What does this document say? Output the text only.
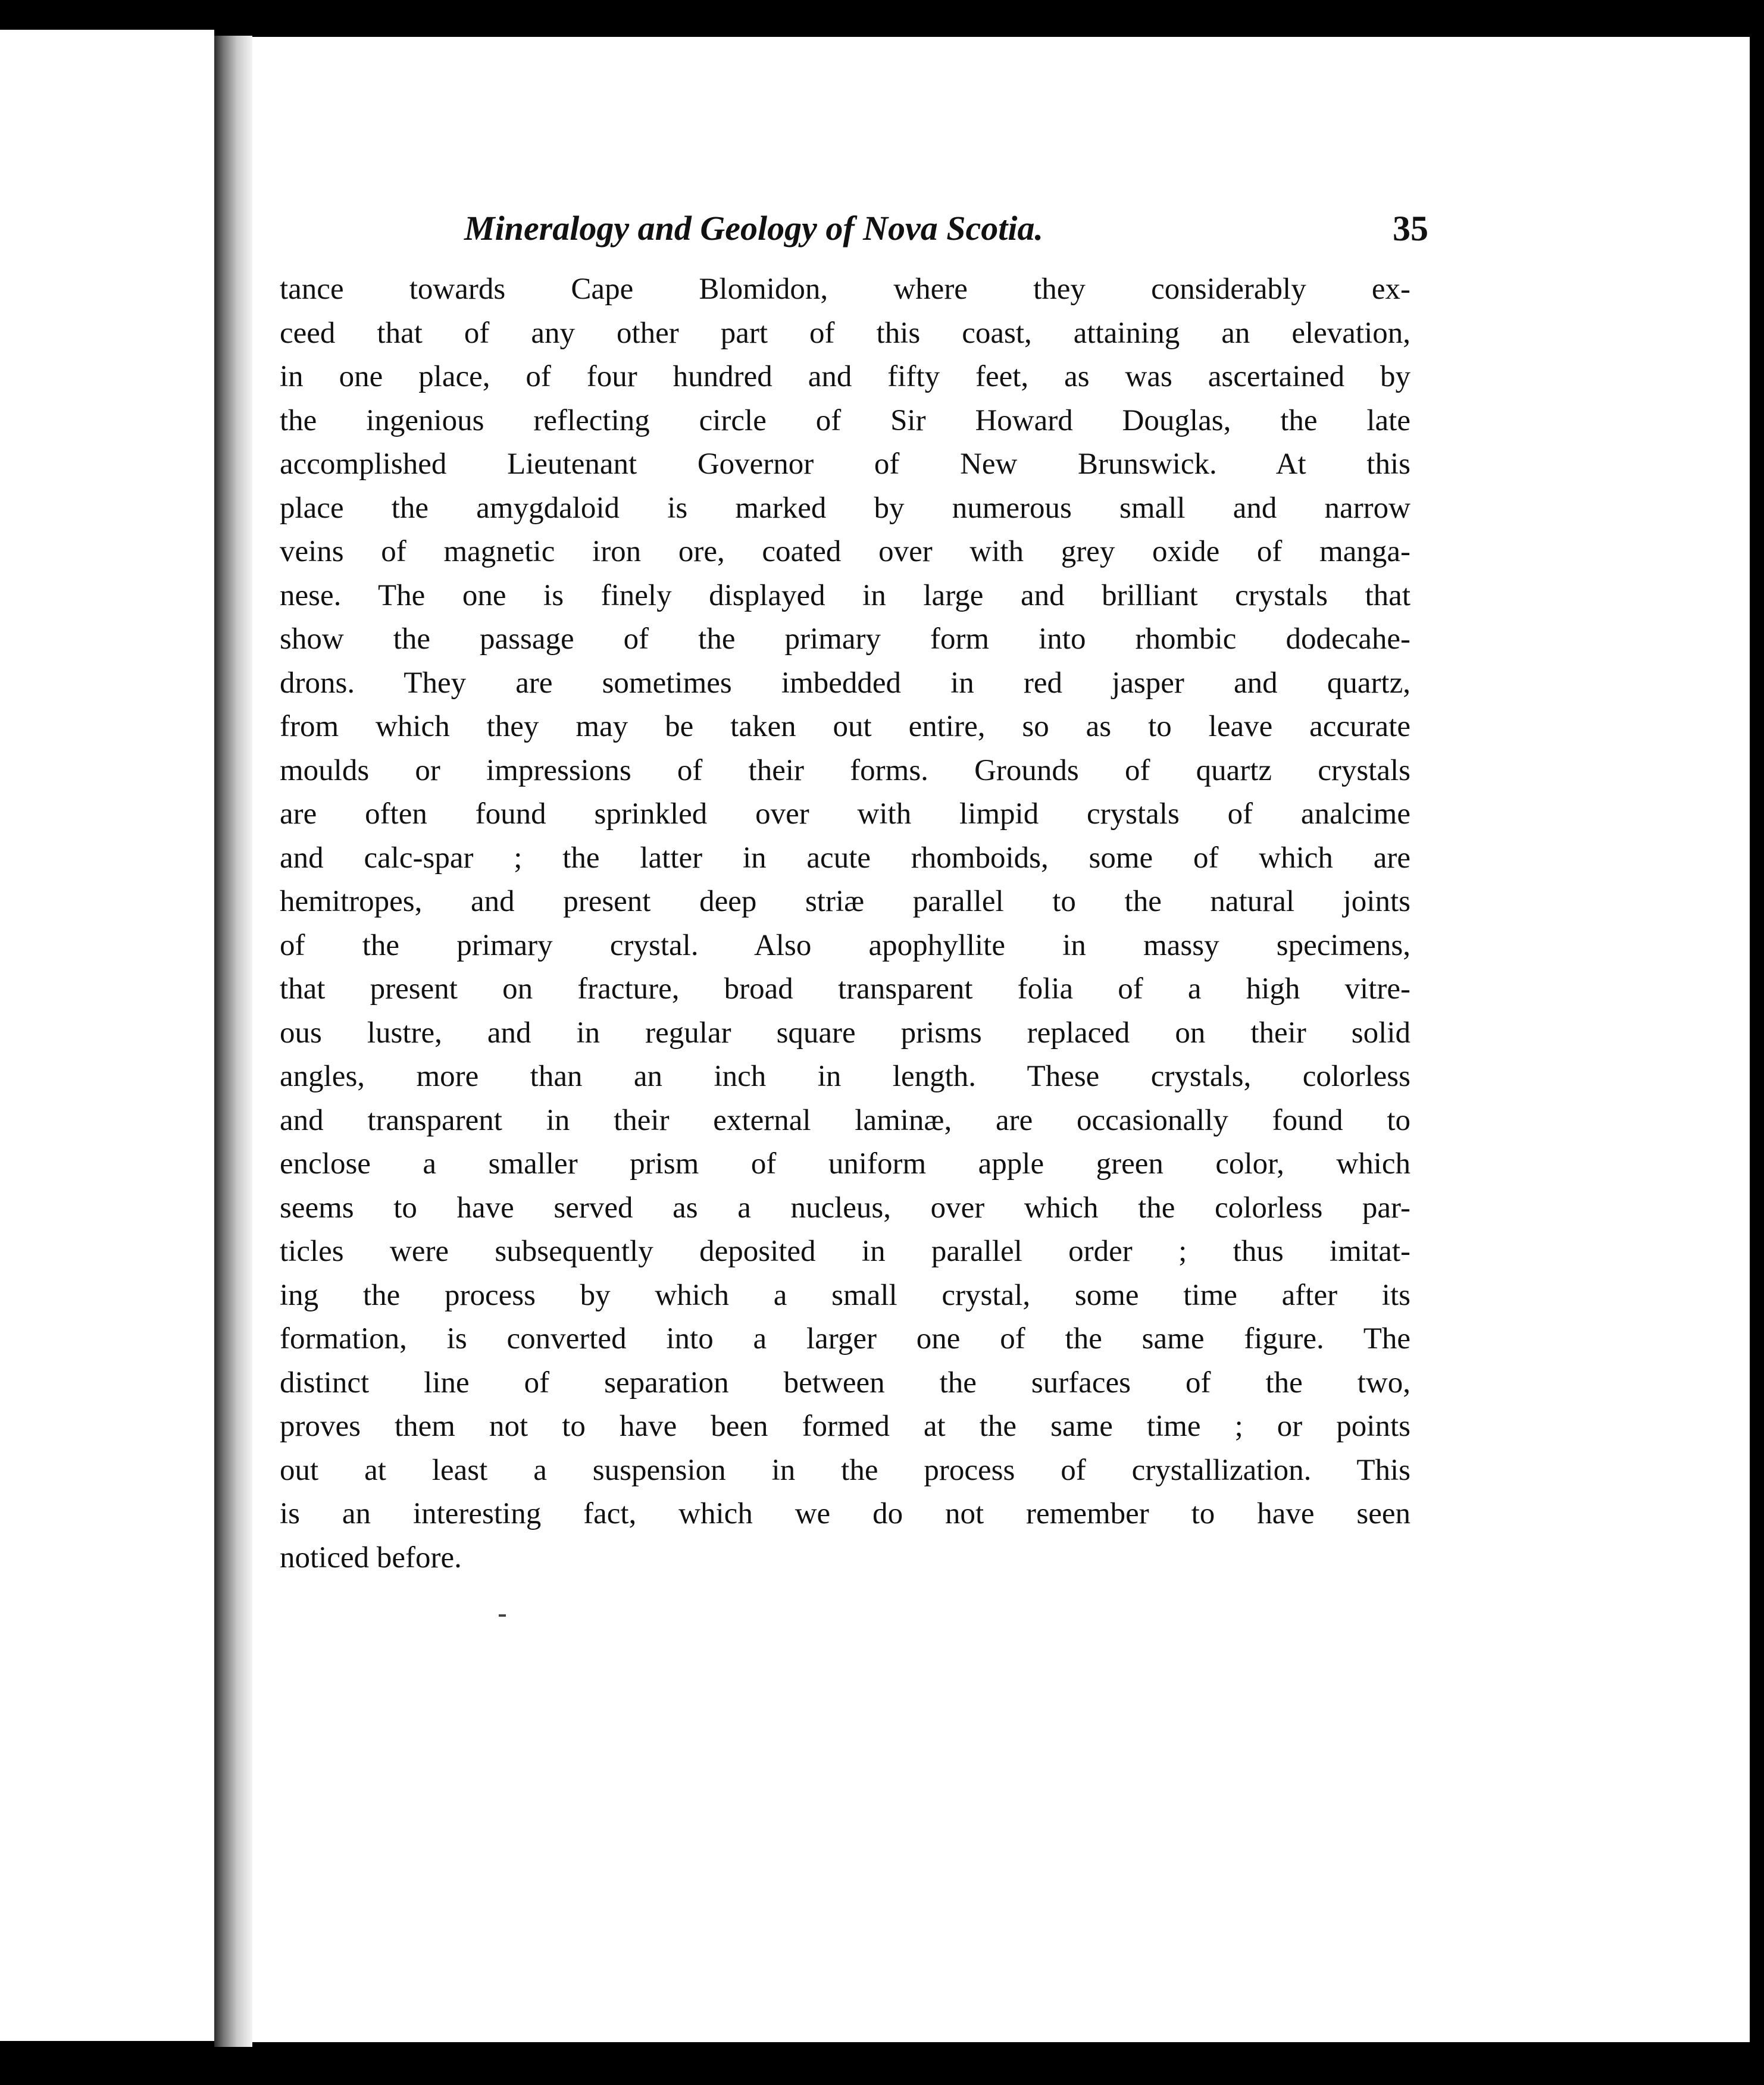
Mineralogy and Geology of Nova Scotia.	35
tance towards Cape Blomidon, where they considerably ex-
ceed that of any other part of this coast, attaining an elevation,
in one place, of four hundred and fifty feet, as was ascertained by
the ingenious reflecting circle of Sir Howard Douglas, the late
accomplished Lieutenant Governor of New Brunswick. At this
place the amygdaloid is marked by numerous small and narrow
veins of magnetic iron ore, coated over with grey oxide of manga-
nese. The one is finely displayed in large and brilliant crystals that
show the passage of the primary form into rhombic dodecahe-
drons. They are sometimes imbedded in red jasper and quartz,
from which they may be taken out entire, so as to leave accurate
moulds or impressions of their forms. Grounds of quartz crystals
are often found sprinkled over with limpid crystals of analcime
and calc-spar ; the latter in acute rhomboids, some of which are
hemitropes, and present deep striæ parallel to the natural joints
of the primary crystal. Also apophyllite in massy specimens,
that present on fracture, broad transparent folia of a high vitre-
ous lustre, and in regular square prisms replaced on their solid
angles, more than an inch in length. These crystals, colorless
and transparent in their external laminæ, are occasionally found to
enclose a smaller prism of uniform apple green color, which
seems to have served as a nucleus, over which the colorless par-
ticles were subsequently deposited in parallel order ; thus imitat-
ing the process by which a small crystal, some time after its
formation, is converted into a larger one of the same figure. The
distinct line of separation between the surfaces of the two,
proves them not to have been formed at the same time ; or points
out at least a suspension in the process of crystallization. This
is an interesting fact, which we do not remember to have seen
noticed before.
